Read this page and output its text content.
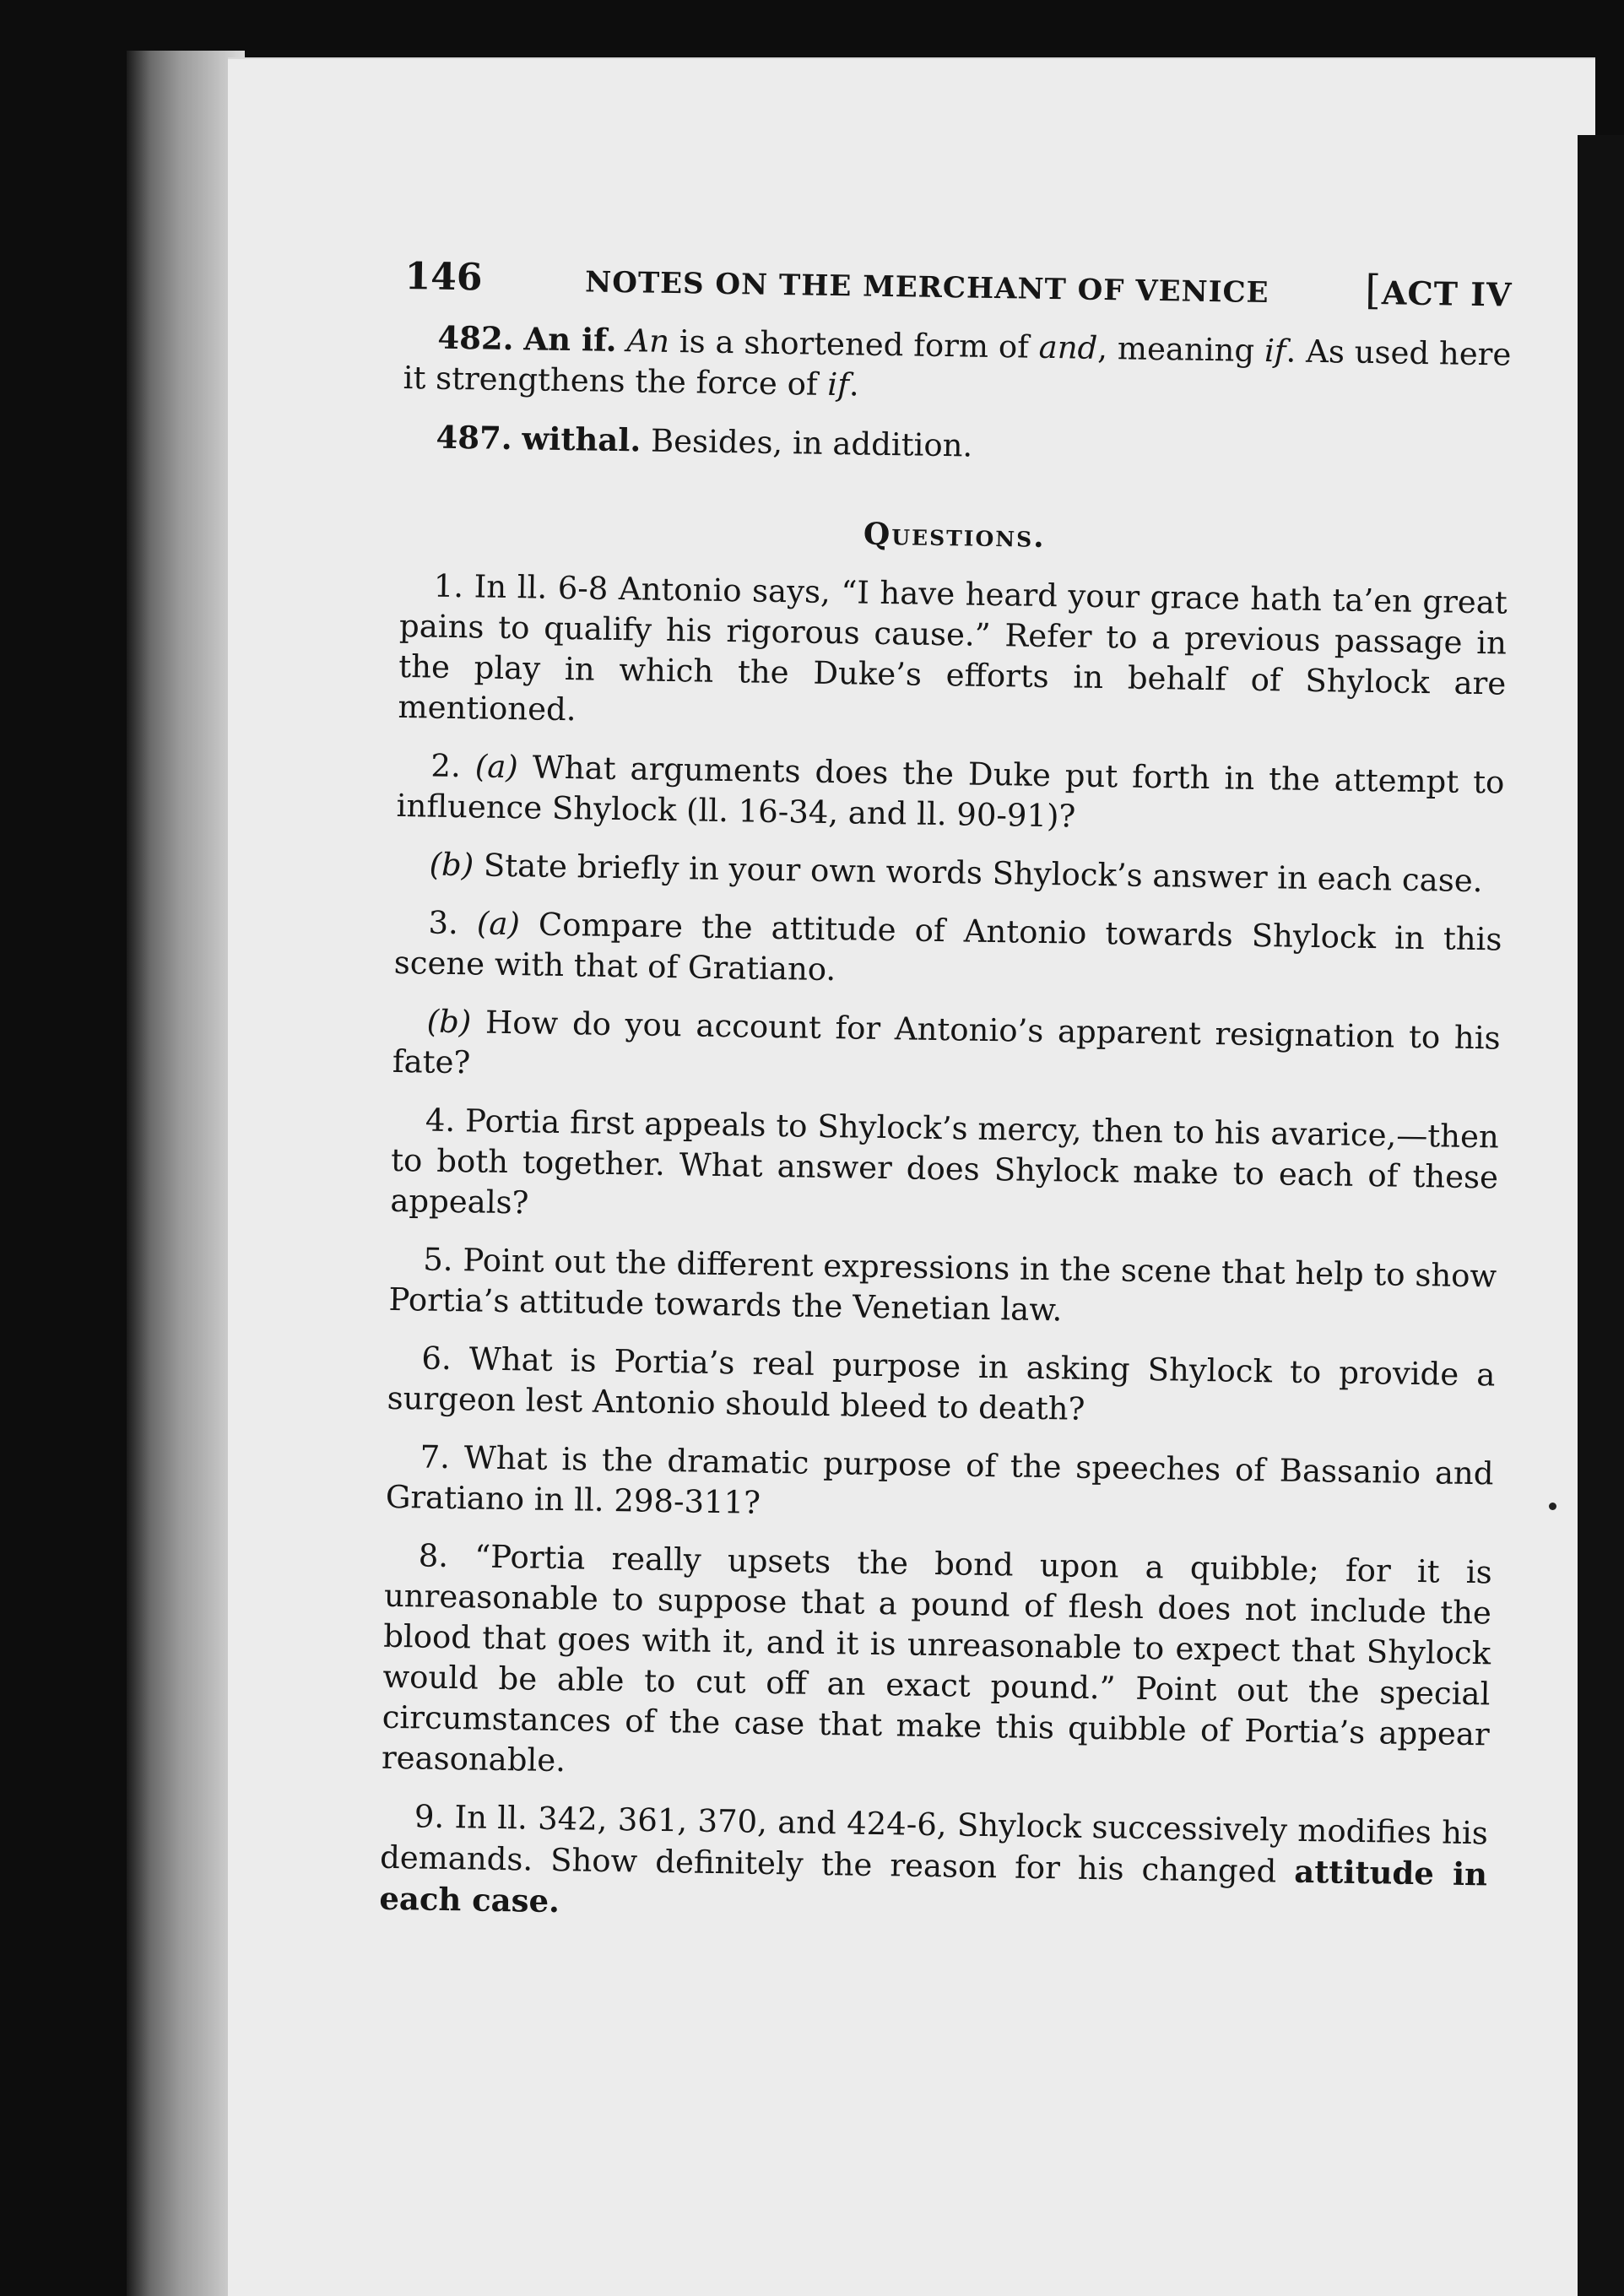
146	NOTES ON THE MERCHANT OF VENICE	[ACT IV

482. An if. An is a shortened form of and, meaning if. As used here it strengthens the force of if.

487. withal. Besides, in addition.

Questions.

1. In ll. 6-8 Antonio says, “I have heard your grace hath ta’en great pains to qualify his rigorous cause.” Refer to a previous passage in the play in which the Duke’s efforts in behalf of Shylock are mentioned.

2. (a) What arguments does the Duke put forth in the attempt to influence Shylock (ll. 16-34, and ll. 90-91)?

(b) State briefly in your own words Shylock’s answer in each case.

3. (a) Compare the attitude of Antonio towards Shylock in this scene with that of Gratiano.

(b) How do you account for Antonio’s apparent resignation to his fate?

4. Portia first appeals to Shylock’s mercy, then to his avarice,—then to both together. What answer does Shylock make to each of these appeals?

5. Point out the different expressions in the scene that help to show Portia’s attitude towards the Venetian law.

6. What is Portia’s real purpose in asking Shylock to provide a surgeon lest Antonio should bleed to death?

7. What is the dramatic purpose of the speeches of Bassanio and Gratiano in ll. 298-311?

8. “Portia really upsets the bond upon a quibble; for it is unreasonable to suppose that a pound of flesh does not include the blood that goes with it, and it is unreasonable to expect that Shylock would be able to cut off an exact pound.” Point out the special circumstances of the case that make this quibble of Portia’s appear reasonable.

9. In ll. 342, 361, 370, and 424-6, Shylock successively modifies his demands. Show definitely the reason for his changed attitude in each case.
